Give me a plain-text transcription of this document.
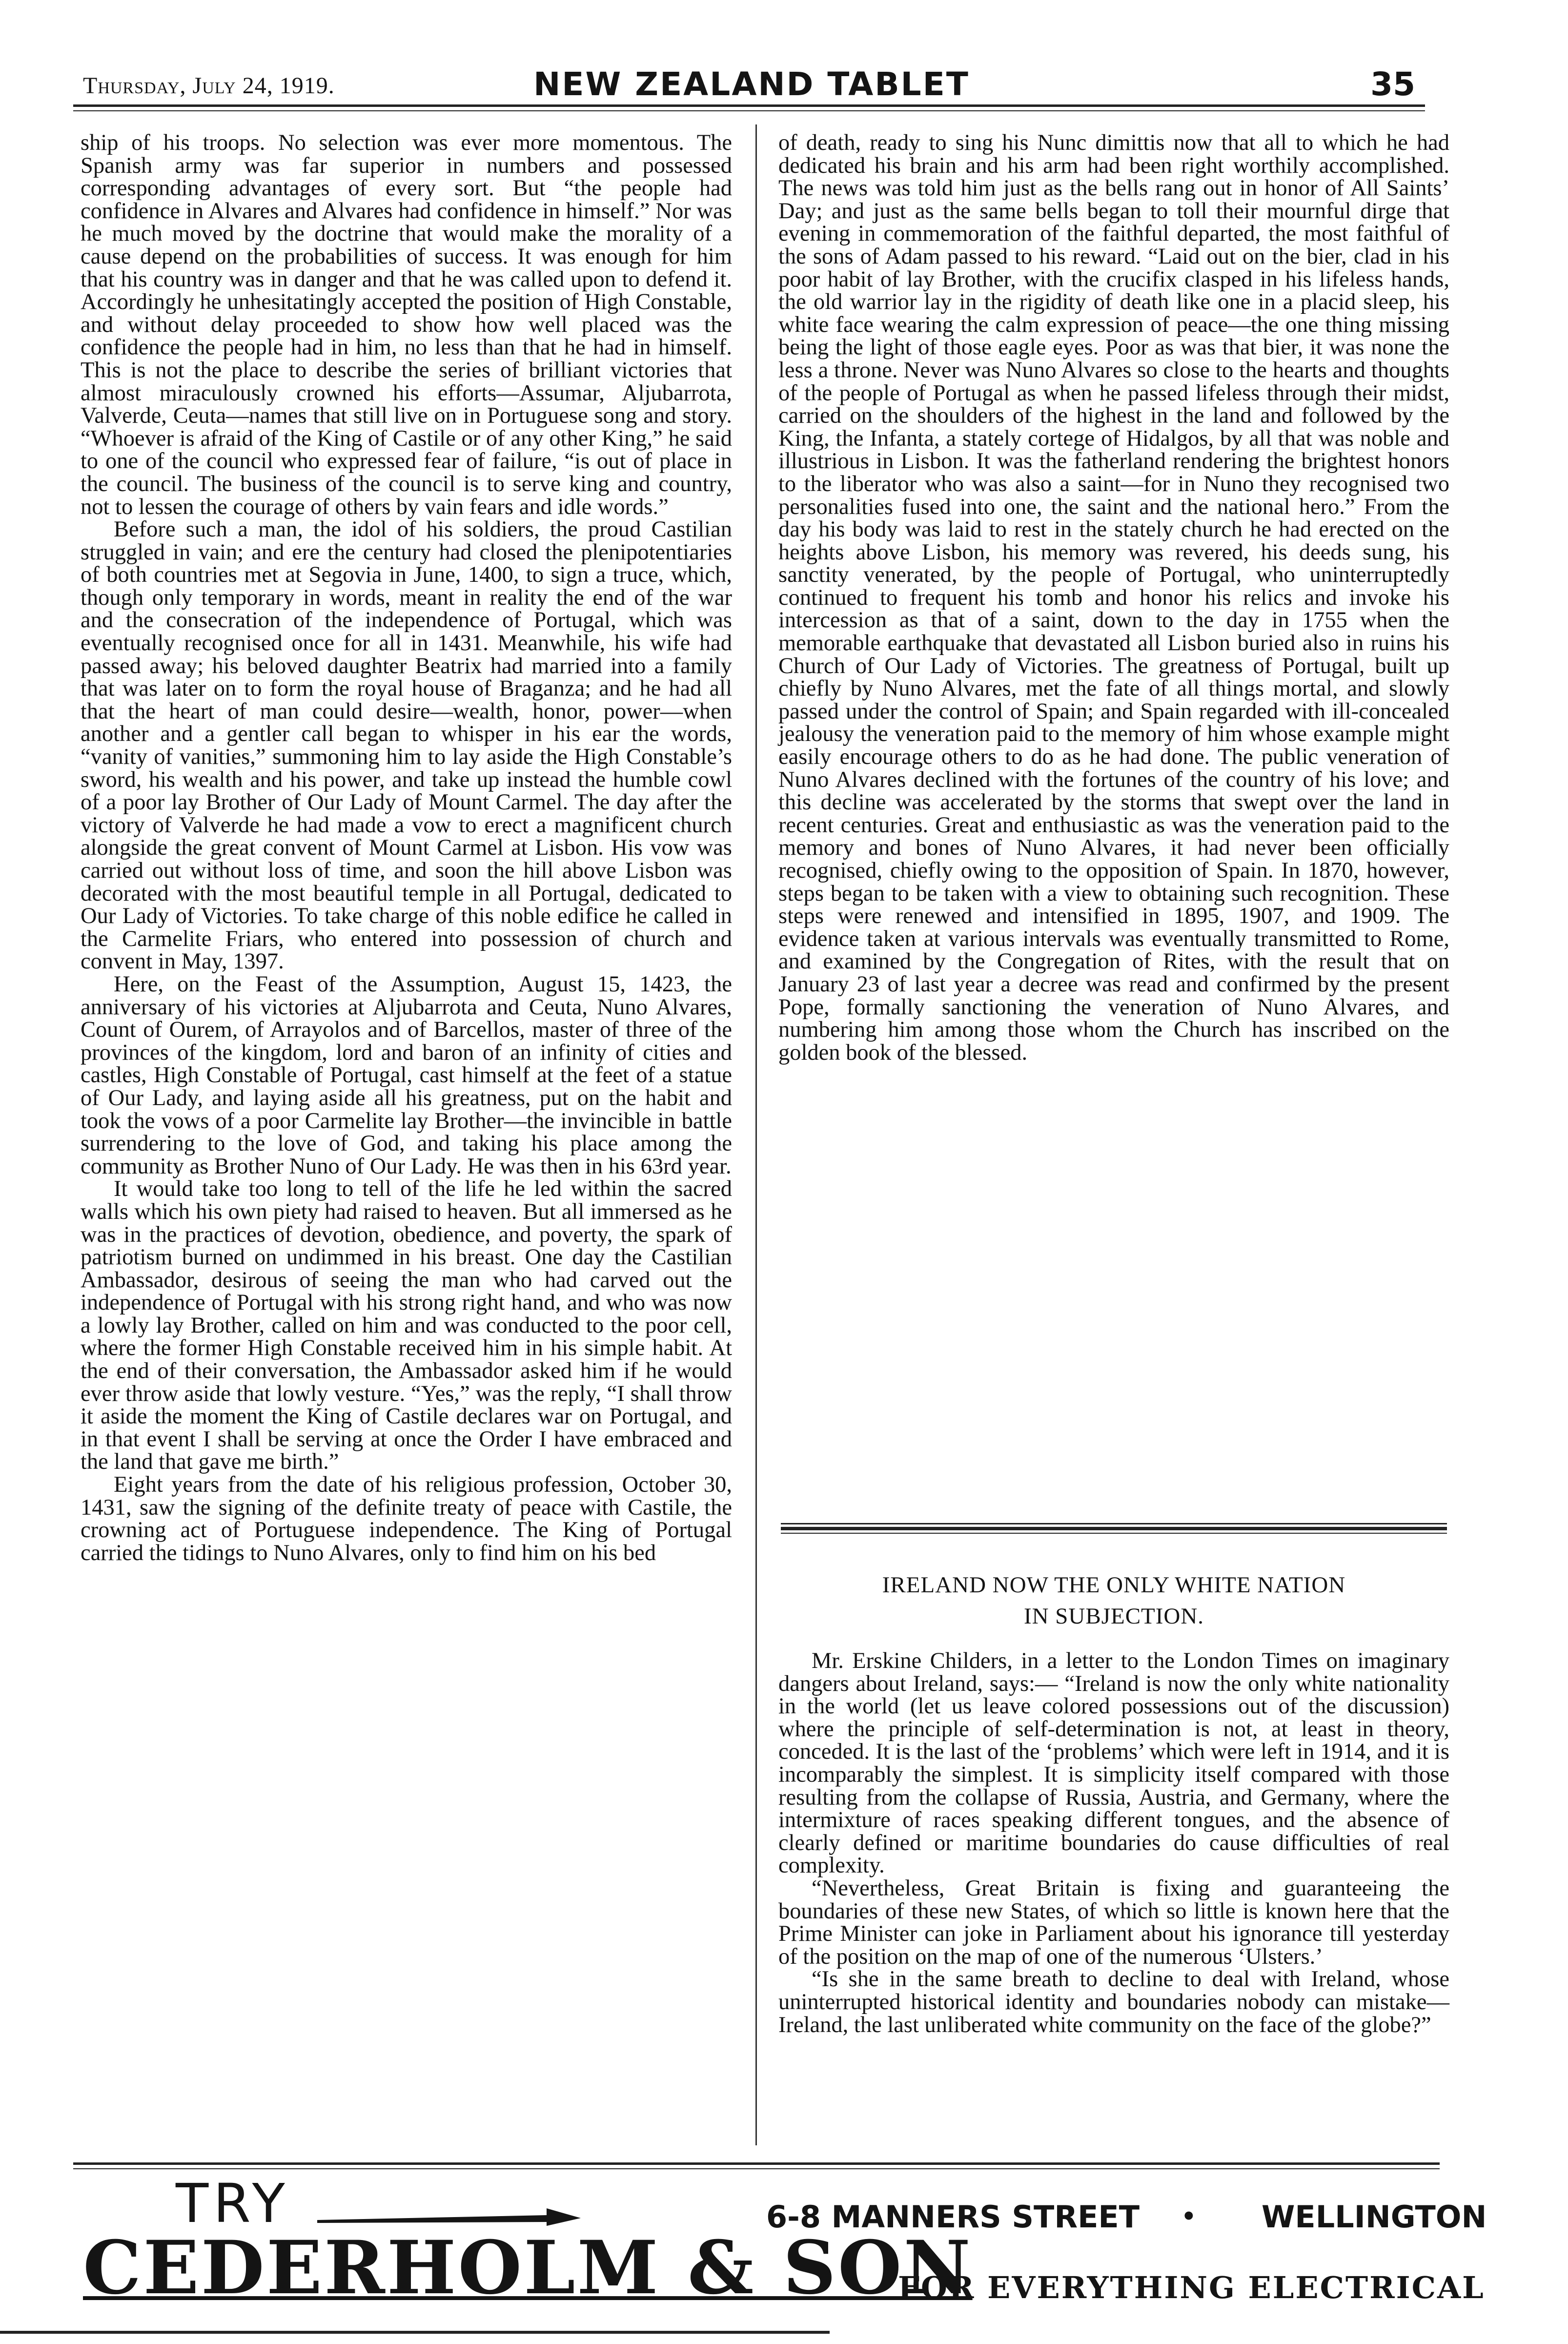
Thursday, July 24, 1919.	NEW ZEALAND TABLET	35

ship of his troops. No selection was ever more momentous. The Spanish army was far superior in numbers and possessed corresponding advantages of every sort. But “the people had confidence in Alvares and Alvares had confidence in himself.” Nor was he much moved by the doctrine that would make the morality of a cause depend on the probabilities of success. It was enough for him that his country was in danger and that he was called upon to defend it. Accordingly he unhesitatingly accepted the position of High Constable, and without delay proceeded to show how well placed was the confidence the people had in him, no less than that he had in himself. This is not the place to describe the series of brilliant victories that almost miraculously crowned his efforts—Assumar, Aljubarrota, Valverde, Ceuta—names that still live on in Portuguese song and story. “Whoever is afraid of the King of Castile or of any other King,” he said to one of the council who expressed fear of failure, “is out of place in the council. The business of the council is to serve king and country, not to lessen the courage of others by vain fears and idle words.”

Before such a man, the idol of his soldiers, the proud Castilian struggled in vain; and ere the century had closed the plenipotentiaries of both countries met at Segovia in June, 1400, to sign a truce, which, though only temporary in words, meant in reality the end of the war and the consecration of the independence of Portugal, which was eventually recognised once for all in 1431. Meanwhile, his wife had passed away; his beloved daughter Beatrix had married into a family that was later on to form the royal house of Braganza; and he had all that the heart of man could desire—wealth, honor, power—when another and a gentler call began to whisper in his ear the words, “vanity of vanities,” summoning him to lay aside the High Constable’s sword, his wealth and his power, and take up instead the humble cowl of a poor lay Brother of Our Lady of Mount Carmel. The day after the victory of Valverde he had made a vow to erect a magnificent church alongside the great convent of Mount Carmel at Lisbon. His vow was carried out without loss of time, and soon the hill above Lisbon was decorated with the most beautiful temple in all Portugal, dedicated to Our Lady of Victories. To take charge of this noble edifice he called in the Carmelite Friars, who entered into possession of church and convent in May, 1397.

Here, on the Feast of the Assumption, August 15, 1423, the anniversary of his victories at Aljubarrota and Ceuta, Nuno Alvares, Count of Ourem, of Arrayolos and of Barcellos, master of three of the provinces of the kingdom, lord and baron of an infinity of cities and castles, High Constable of Portugal, cast himself at the feet of a statue of Our Lady, and laying aside all his greatness, put on the habit and took the vows of a poor Carmelite lay Brother—the invincible in battle surrendering to the love of God, and taking his place among the community as Brother Nuno of Our Lady. He was then in his 63rd year.

It would take too long to tell of the life he led within the sacred walls which his own piety had raised to heaven. But all immersed as he was in the practices of devotion, obedience, and poverty, the spark of patriotism burned on undimmed in his breast. One day the Castilian Ambassador, desirous of seeing the man who had carved out the independence of Portugal with his strong right hand, and who was now a lowly lay Brother, called on him and was conducted to the poor cell, where the former High Constable received him in his simple habit. At the end of their conversation, the Ambassador asked him if he would ever throw aside that lowly vesture. “Yes,” was the reply, “I shall throw it aside the moment the King of Castile declares war on Portugal, and in that event I shall be serving at once the Order I have embraced and the land that gave me birth.”

Eight years from the date of his religious profession, October 30, 1431, saw the signing of the definite treaty of peace with Castile, the crowning act of Portuguese independence. The King of Portugal carried the tidings to Nuno Alvares, only to find him on his bed

of death, ready to sing his Nunc dimittis now that all to which he had dedicated his brain and his arm had been right worthily accomplished. The news was told him just as the bells rang out in honor of All Saints’ Day; and just as the same bells began to toll their mournful dirge that evening in commemoration of the faithful departed, the most faithful of the sons of Adam passed to his reward. “Laid out on the bier, clad in his poor habit of lay Brother, with the crucifix clasped in his lifeless hands, the old warrior lay in the rigidity of death like one in a placid sleep, his white face wearing the calm expression of peace—the one thing missing being the light of those eagle eyes. Poor as was that bier, it was none the less a throne. Never was Nuno Alvares so close to the hearts and thoughts of the people of Portugal as when he passed lifeless through their midst, carried on the shoulders of the highest in the land and followed by the King, the Infanta, a stately cortege of Hidalgos, by all that was noble and illustrious in Lisbon. It was the fatherland rendering the brightest honors to the liberator who was also a saint—for in Nuno they recognised two personalities fused into one, the saint and the national hero.” From the day his body was laid to rest in the stately church he had erected on the heights above Lisbon, his memory was revered, his deeds sung, his sanctity venerated, by the people of Portugal, who uninterruptedly continued to frequent his tomb and honor his relics and invoke his intercession as that of a saint, down to the day in 1755 when the memorable earthquake that devastated all Lisbon buried also in ruins his Church of Our Lady of Victories. The greatness of Portugal, built up chiefly by Nuno Alvares, met the fate of all things mortal, and slowly passed under the control of Spain; and Spain regarded with ill-concealed jealousy the veneration paid to the memory of him whose example might easily encourage others to do as he had done. The public veneration of Nuno Alvares declined with the fortunes of the country of his love; and this decline was accelerated by the storms that swept over the land in recent centuries. Great and enthusiastic as was the veneration paid to the memory and bones of Nuno Alvares, it had never been officially recognised, chiefly owing to the opposition of Spain. In 1870, however, steps began to be taken with a view to obtaining such recognition. These steps were renewed and intensified in 1895, 1907, and 1909. The evidence taken at various intervals was eventually transmitted to Rome, and examined by the Congregation of Rites, with the result that on January 23 of last year a decree was read and confirmed by the present Pope, formally sanctioning the veneration of Nuno Alvares, and numbering him among those whom the Church has inscribed on the golden book of the blessed.

IRELAND NOW THE ONLY WHITE NATION
IN SUBJECTION.

Mr. Erskine Childers, in a letter to the London Times on imaginary dangers about Ireland, says:— “Ireland is now the only white nationality in the world (let us leave colored possessions out of the discussion) where the principle of self-determination is not, at least in theory, conceded. It is the last of the ‘problems’ which were left in 1914, and it is incomparably the simplest. It is simplicity itself compared with those resulting from the collapse of Russia, Austria, and Germany, where the intermixture of races speaking different tongues, and the absence of clearly defined or maritime boundaries do cause difficulties of real complexity.

“Nevertheless, Great Britain is fixing and guaranteeing the boundaries of these new States, of which so little is known here that the Prime Minister can joke in Parliament about his ignorance till yesterday of the position on the map of one of the numerous ‘Ulsters.’

“Is she in the same breath to decline to deal with Ireland, whose uninterrupted historical identity and boundaries nobody can mistake—Ireland, the last unliberated white community on the face of the globe?”

TRY
CEDERHOLM & SON
6-8 MANNERS STREET • WELLINGTON
FOR EVERYTHING ELECTRICAL
